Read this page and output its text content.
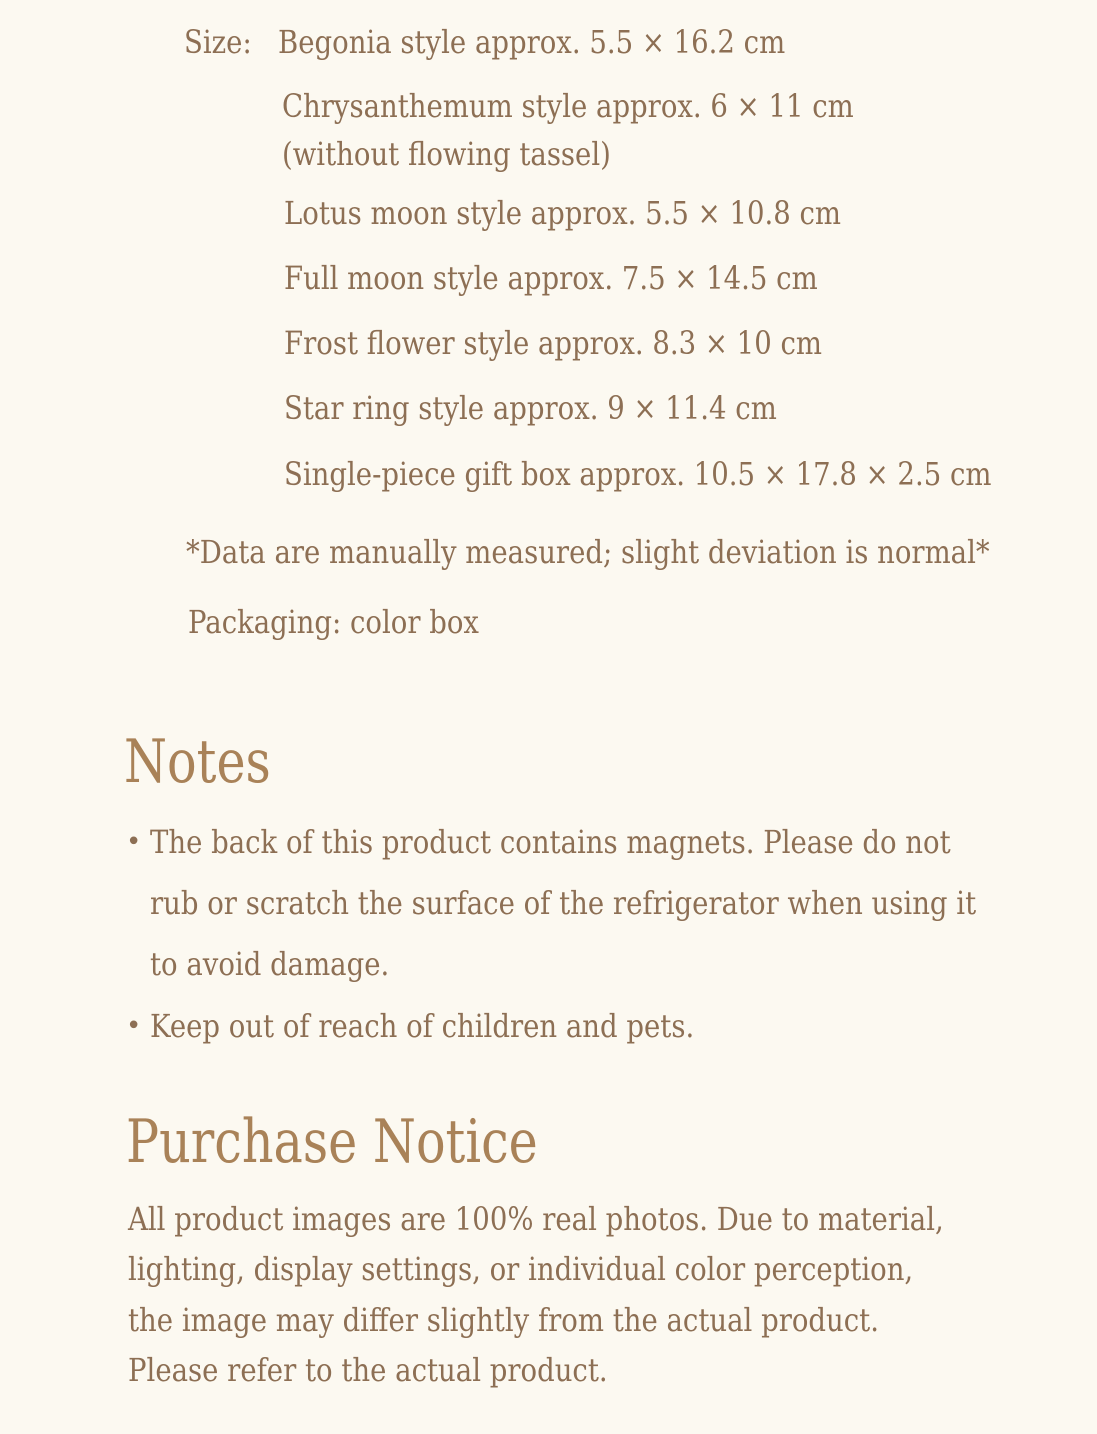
Size: Begonia style approx. 5.5 × 16.2 cm
Chrysanthemum style approx. 6 × 11 cm
(without flowing tassel)
Lotus moon style approx. 5.5 × 10.8 cm
Full moon style approx. 7.5 × 14.5 cm
Frost flower style approx. 8.3 × 10 cm
Star ring style approx. 9 × 11.4 cm
Single-piece gift box approx. 10.5 × 17.8 × 2.5 cm
*Data are manually measured; slight deviation is normal*
Packaging: color box
Notes
• The back of this product contains magnets. Please do not
rub or scratch the surface of the refrigerator when using it
to avoid damage.
• Keep out of reach of children and pets.
Purchase Notice
All product images are 100% real photos. Due to material,
lighting, display settings, or individual color perception,
the image may differ slightly from the actual product.
Please refer to the actual product.
